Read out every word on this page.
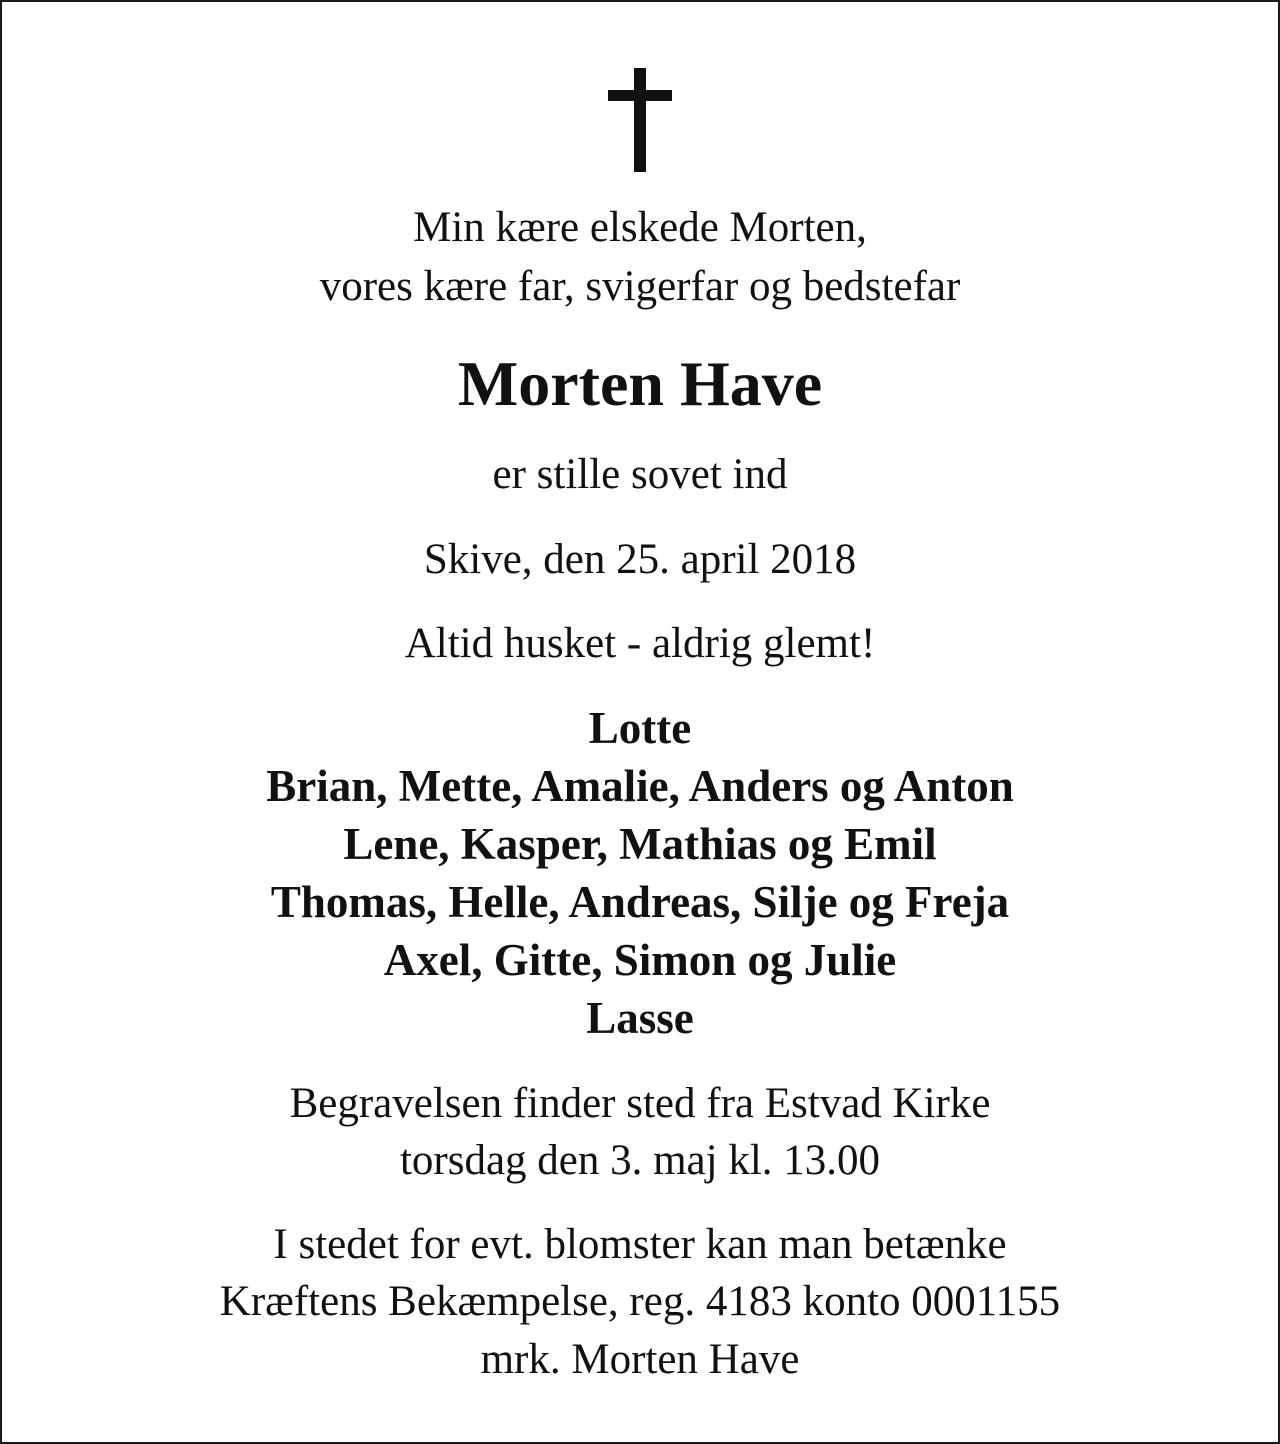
Min kære elskede Morten,
vores kære far, svigerfar og bedstefar
Morten Have
er stille sovet ind
Skive, den 25. april 2018
Altid husket - aldrig glemt!
Lotte
Brian, Mette, Amalie, Anders og Anton
Lene, Kasper, Mathias og Emil
Thomas, Helle, Andreas, Silje og Freja
Axel, Gitte, Simon og Julie
Lasse
Begravelsen finder sted fra Estvad Kirke
torsdag den 3. maj kl. 13.00
I stedet for evt. blomster kan man betænke
Kræftens Bekæmpelse, reg. 4183 konto 0001155
mrk. Morten Have
